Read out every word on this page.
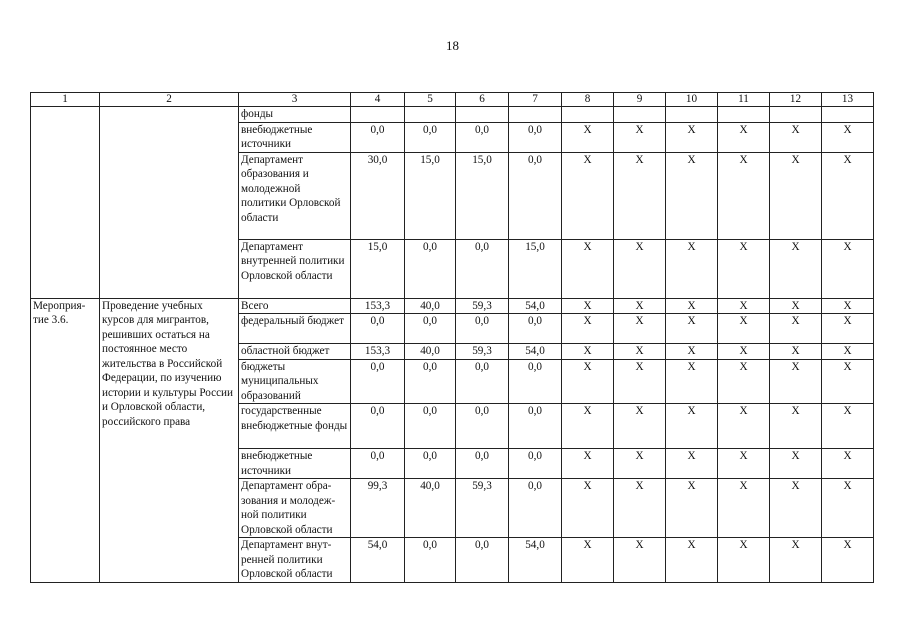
18
1	2	3	4	5	6	7	8	9	10	11	12	13
		фонды										
		внебюджетные источники	0,0	0,0	0,0	0,0	X	X	X	X	X	X
		Департамент образования и молодежной политики Орловской области	30,0	15,0	15,0	0,0	X	X	X	X	X	X
		Департамент внутренней политики Орловской области	15,0	0,0	0,0	15,0	X	X	X	X	X	X
Мероприя-тие 3.6.	Проведение учебных курсов для мигрантов, решивших остаться на постоянное место жительства в Российской Федерации, по изучению истории и культуры России и Орловской области, российского права	Всего	153,3	40,0	59,3	54,0	X	X	X	X	X	X
		федеральный бюджет	0,0	0,0	0,0	0,0	X	X	X	X	X	X
		областной бюджет	153,3	40,0	59,3	54,0	X	X	X	X	X	X
		бюджеты муниципальных образований	0,0	0,0	0,0	0,0	X	X	X	X	X	X
		государственные внебюджетные фонды	0,0	0,0	0,0	0,0	X	X	X	X	X	X
		внебюджетные источники	0,0	0,0	0,0	0,0	X	X	X	X	X	X
		Департамент обра-зования и молодеж-ной политики Орловской области	99,3	40,0	59,3	0,0	X	X	X	X	X	X
		Департамент внут-ренней политики Орловской области	54,0	0,0	0,0	54,0	X	X	X	X	X	X
